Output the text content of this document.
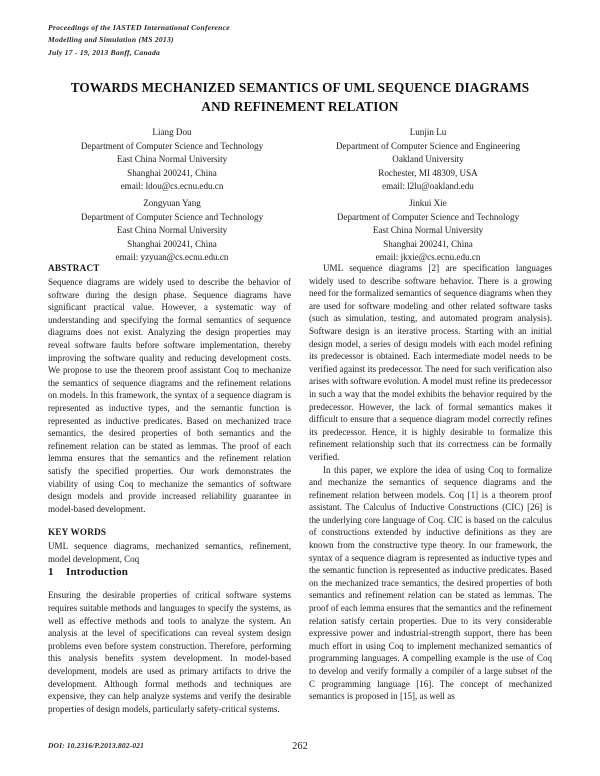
Proceedings of the IASTED International Conference
Modelling and Simulation (MS 2013)
July 17 - 19, 2013 Banff, Canada
TOWARDS MECHANIZED SEMANTICS OF UML SEQUENCE DIAGRAMS
AND REFINEMENT RELATION
Liang Dou
Department of Computer Science and Technology
East China Normal University
Shanghai 200241, China
email: ldou@cs.ecnu.edu.cn
Zongyuan Yang
Department of Computer Science and Technology
East China Normal University
Shanghai 200241, China
email: yzyuan@cs.ecnu.edu.cn
Lunjin Lu
Department of Computer Science and Engineering
Oakland University
Rochester, MI 48309, USA
email: l2lu@oakland.edu
Jinkui Xie
Department of Computer Science and Technology
East China Normal University
Shanghai 200241, China
email: jkxie@cs.ecnu.edu.cn
ABSTRACT

Sequence diagrams are widely used to describe the behavior of software during the design phase. Sequence diagrams have significant practical value. However, a systematic way of understanding and specifying the formal semantics of sequence diagrams does not exist. Analyzing the design properties may reveal software faults before software implementation, thereby improving the software quality and reducing development costs. We propose to use the theorem proof assistant Coq to mechanize the semantics of sequence diagrams and the refinement relations on models. In this framework, the syntax of a sequence diagram is represented as inductive types, and the semantic function is represented as inductive predicates. Based on mechanized trace semantics, the desired properties of both semantics and the refinement relation can be stated as lemmas. The proof of each lemma ensures that the semantics and the refinement relation satisfy the specified properties. Our work demonstrates the viability of using Coq to mechanize the semantics of software design models and provide increased reliability guarantee in model-based development.

KEY WORDS

UML sequence diagrams, mechanized semantics, refinement, model development, Coq

1 Introduction

Ensuring the desirable properties of critical software systems requires suitable methods and languages to specify the systems, as well as effective methods and tools to analyze the system. An analysis at the level of specifications can reveal system design problems even before system construction. Therefore, performing this analysis benefits system development. In model-based development, models are used as primary artifacts to drive the development. Although formal methods and techniques are expensive, they can help analyze systems and verify the desirable properties of design models, particularly safety-critical systems.

UML sequence diagrams [2] are specification languages widely used to describe software behavior. There is a growing need for the formalized semantics of sequence diagrams when they are used for software modeling and other related software tasks (such as simulation, testing, and automated program analysis). Software design is an iterative process. Starting with an initial design model, a series of design models with each model refining its predecessor is obtained. Each intermediate model needs to be verified against its predecessor. The need for such verification also arises with software evolution. A model must refine its predecessor in such a way that the model exhibits the behavior required by the predecessor. However, the lack of formal semantics makes it difficult to ensure that a sequence diagram model correctly refines its predecessor. Hence, it is highly desirable to formalize this refinement relationship such that its correctness can be formally verified.

In this paper, we explore the idea of using Coq to formalize and mechanize the semantics of sequence diagrams and the refinement relation between models. Coq [1] is a theorem proof assistant. The Calculus of Inductive Constructions (CIC) [26] is the underlying core language of Coq. CIC is based on the calculus of constructions extended by inductive definitions as they are known from the constructive type theory. In our framework, the syntax of a sequence diagram is represented as inductive types and the semantic function is represented as inductive predicates. Based on the mechanized trace semantics, the desired properties of both semantics and refinement relation can be stated as lemmas. The proof of each lemma ensures that the semantics and the refinement relation satisfy certain properties. Due to its very considerable expressive power and industrial-strength support, there has been much effort in using Coq to implement mechanized semantics of programming languages. A compelling example is the use of Coq to develop and verify formally a compiler of a large subset of the C programming language [16]. The concept of mechanized semantics is proposed in [15], as well as

DOI: 10.2316/P.2013.802-021	262
